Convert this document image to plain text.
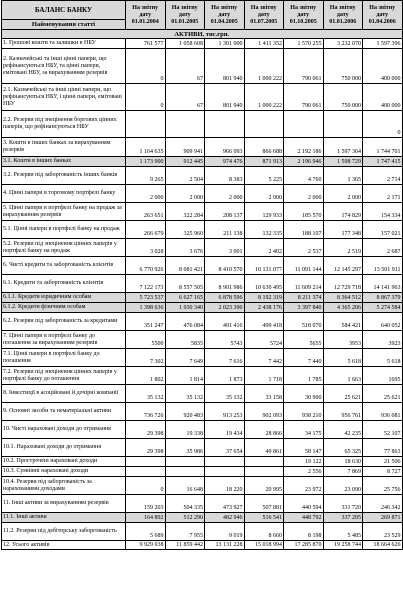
БАЛАНС БАНКУ	На звітну
дату
01.01.2004	На звітну
дату
01.01.2005	На звітну
дату
01.04.2005	На звітну
дату
01.07.2005	На звітну
дату
01.10.2005	На звітну
дату
01.01.2006	На звітну
дату
01.04.2006
Найменування статті							
АКТИВИ, тис.грн.							
1. Грошові кошти та залишки в НБУ	761 577	1 058 608	1 301 000	1 411 352	1 570 255	3 232 070	1 597 396
2. Казначейські та інші цінні папери, що рефінансуються НБУ, та цінні папери, емітовані НБУ, за вирахуванням резервів	0	67	801 940	1 000 222	790 061	750 000	400 000
2.1. Казначейські та інші цінні папери, що рефінансуються НБУ, і цінні папери, емітовані НБУ	0	67	801 940	1 000 222	790 061	750 000	400 000
2.2. Резерви під знецінення боргових цінних паперів, що рефінансуються НБУ							0
3. Кошти в інших банках за вирахуванням резервів	1 164 635	909 941	966 093	866 688	2 192 186	1 597 364	1 744 701
3.1. Кошти в інших банках	1 173 900	912 445	974 476	871 913	2 196 946	1 598 729	1 747 415
3.2. Резерви під заборгованість інших банків	9 265	2 504	8 383	5 225	4 760	1 365	2 714
4. Цінні папери в торговому портфелі банку	2 000	2 000	2 000	2 000	2 000	2 000	2 171
5. Цінні папери в портфелі банку на продаж за вирахуванням резервів	263 651	322 284	208 137	129 933	185 570	174 829	154 334
5.1. Цінні папери в портфелі банку на продаж	266 679	325 960	211 138	132 335	188 107	177 348	157 021
5.2. Резерви під знецінення цінних паперів у портфелі банку на продаж	3 028	3 676	3 001	2 402	2 537	2 519	2 687
6. Чисті кредити та заборгованість клієнтів	6 770 926	8 081 421	8 410 570	10 131 077	11 091 144	12 145 297	13 501 911
6.1. Кредити та заборгованість клієнтів	7 122 173	8 557 505	8 901 986	10 630 495	11 609 214	12 729 718	14 141 963
6.1.1. Кредити юридичним особам	5 723 537	6 627 165	6 878 596	8 192 319	8 211 374	8 364 512	8 867 379
6.1.2. Кредити фізичним особам	1 398 636	1 930 340	2 023 390	2 438 176	3 397 840	4 365 206	5 274 584
6.2. Резерви під заборгованість за кредитами	351 247	476 084	491 416	499 418	518 070	584 421	640 052
7. Цінні папери в портфелі банку до погашення за вирахуванням резервів	5500	5835	5743	5724	5655	3953	3923
7.1. Цінні папери в портфелі банку до погашення	7 302	7 649	7 616	7 442	7 440	5 618	5 618
7.2. Резерви під знецінення цінних паперів у портфелі банку до погашення	1 802	1 814	1 873	1 718	1 785	1 663	1695
8. Інвестиції в асоційовані й дочірні компанії	35 132	35 132	35 132	33 158	30 900	25 621	25 621
9. Основні засоби та нематеріальні активи	736 726	920 483	913 253	902 093	938 210	956 761	936 081
10. Чисті нараховані доходи до отримання	29 398	19 338	19 434	28 866	34 175	42 235	52 107
10.1. Нараховані доходи до отримання	29 398	35 986	37 654	49 861	58 147	65 325	77 863
10.2. Прострочені нараховані доходи					19 122	18 630	21 506
10.3. Сумнівні нараховані доходи					2 556	7 869	8 727
10.4. Резерви під заборгованість за нарахованими доходами	0	16 648	18 220	20 995	23 972	23 090	25 756
11. Інші активи за вирахуванням резервів	159 203	504 335	473 927	507 881	440 594	331 720	246 342
11.1. Інші активи	164 892	512 290	482 946	516 541	448 792	337 205	269 871
11.2. Резерви під дебіторську заборгованість	5 689	7 955	9 019	8 660	8 198	5 485	23 529
12. Усього активів	9 929 038	11 859 442	13 131 228	15 018 994	17 285 870	19 258 744	18 664 626
